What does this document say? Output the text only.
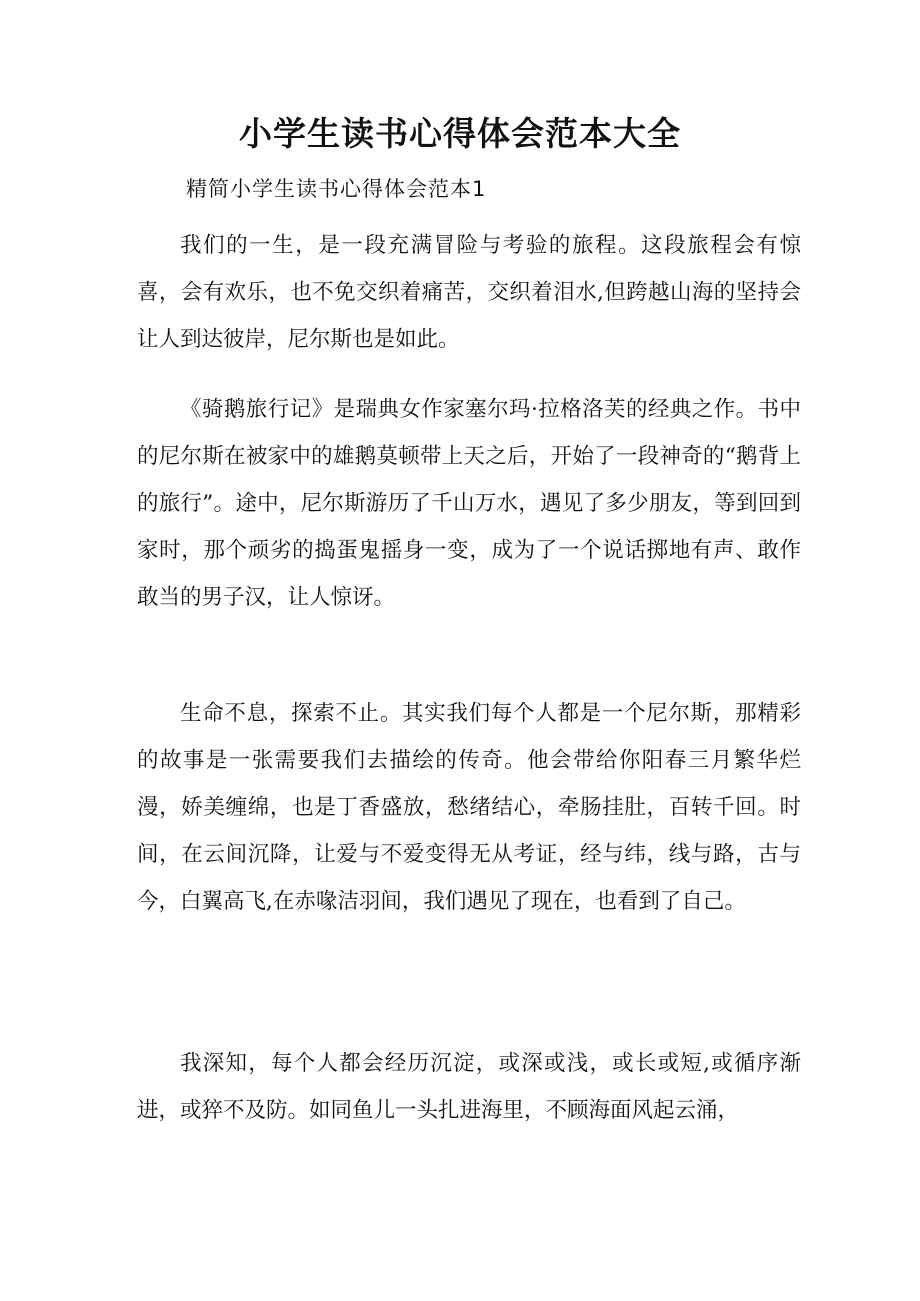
小学生读书心得体会范本大全
精简小学生读书心得体会范本1

我们的一生，是一段充满冒险与考验的旅程。这段旅程会有惊喜，会有欢乐，也不免交织着痛苦，交织着泪水,但跨越山海的坚持会让人到达彼岸，尼尔斯也是如此。

《骑鹅旅行记》是瑞典女作家塞尔玛·拉格洛芙的经典之作。书中的尼尔斯在被家中的雄鹅莫顿带上天之后，开始了一段神奇的“鹅背上的旅行”。途中，尼尔斯游历了千山万水，遇见了多少朋友，等到回到家时，那个顽劣的捣蛋鬼摇身一变，成为了一个说话掷地有声、敢作敢当的男子汉，让人惊讶。

生命不息，探索不止。其实我们每个人都是一个尼尔斯，那精彩的故事是一张需要我们去描绘的传奇。他会带给你阳春三月繁华烂漫，娇美缠绵，也是丁香盛放，愁绪结心，牵肠挂肚，百转千回。时间，在云间沉降，让爱与不爱变得无从考证，经与纬，线与路，古与今，白翼高飞,在赤喙洁羽间，我们遇见了现在，也看到了自己。

我深知，每个人都会经历沉淀，或深或浅，或长或短,或循序渐进，或猝不及防。如同鱼儿一头扎进海里，不顾海面风起云涌，
